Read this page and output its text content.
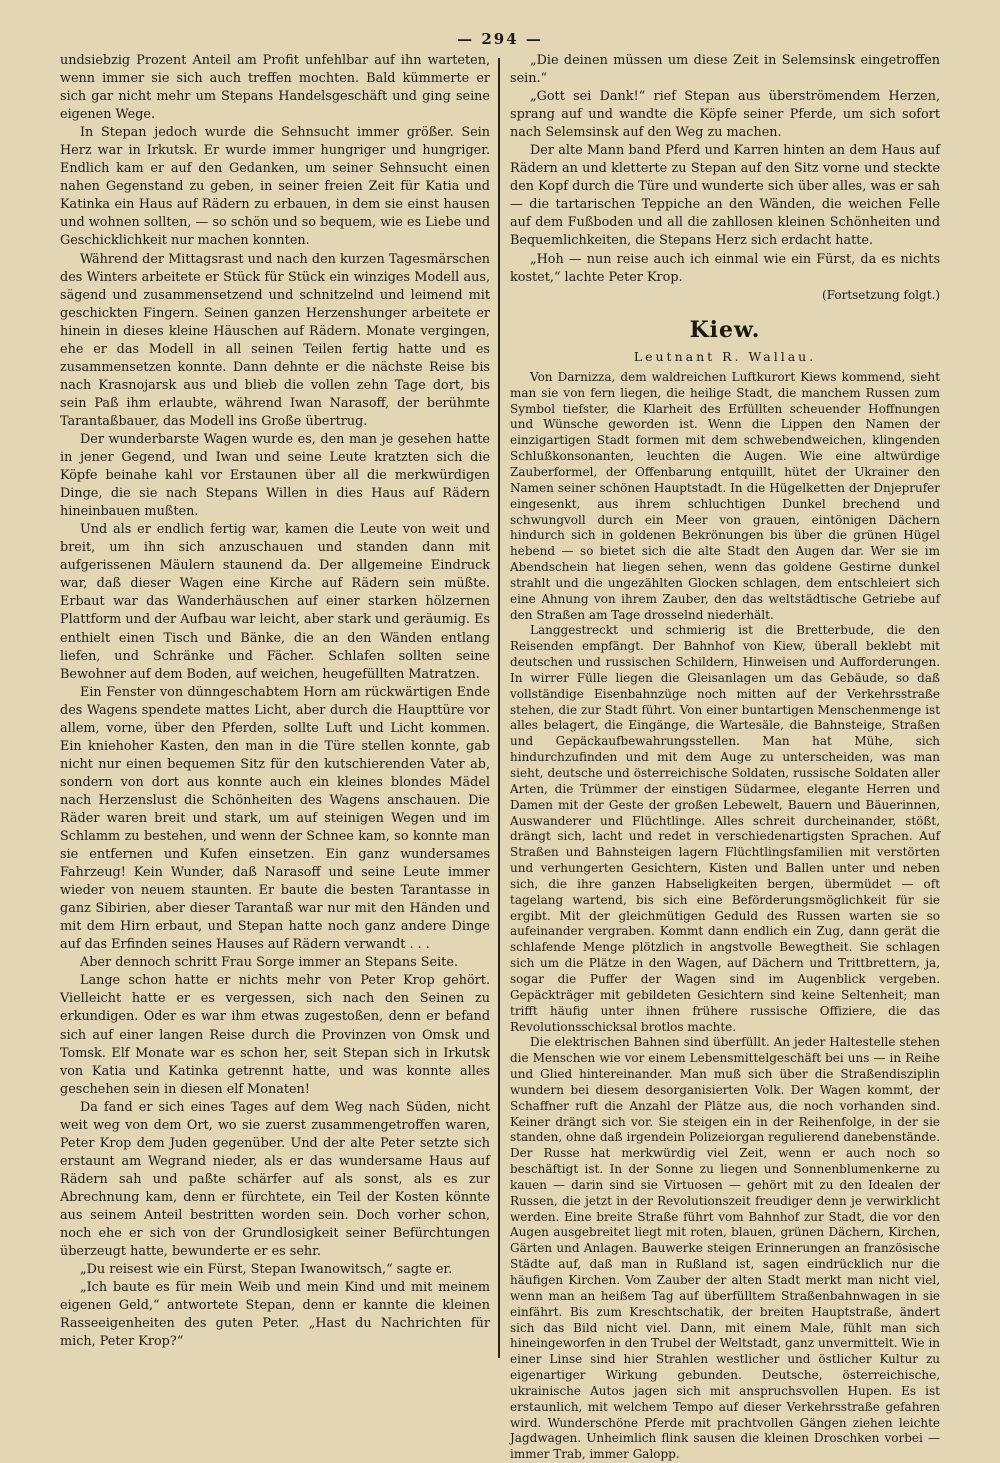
— 294 —

undsiebzig Prozent Anteil am Profit unfehlbar auf ihn warteten, wenn immer sie sich auch treffen mochten. Bald kümmerte er sich gar nicht mehr um Stepans Handelsgeschäft und ging seine eigenen Wege.

In Stepan jedoch wurde die Sehnsucht immer größer. Sein Herz war in Irkutsk. Er wurde immer hungriger und hungriger. Endlich kam er auf den Gedanken, um seiner Sehnsucht einen nahen Gegenstand zu geben, in seiner freien Zeit für Katia und Katinka ein Haus auf Rädern zu erbauen, in dem sie einst hausen und wohnen sollten, — so schön und so bequem, wie es Liebe und Geschicklichkeit nur machen konnten.

Während der Mittagsrast und nach den kurzen Tagesmärschen des Winters arbeitete er Stück für Stück ein winziges Modell aus, sägend und zusammensetzend und schnitzelnd und leimend mit geschickten Fingern. Seinen ganzen Herzenshunger arbeitete er hinein in dieses kleine Häuschen auf Rädern. Monate vergingen, ehe er das Modell in all seinen Teilen fertig hatte und es zusammensetzen konnte. Dann dehnte er die nächste Reise bis nach Krasnojarsk aus und blieb die vollen zehn Tage dort, bis sein Paß ihm erlaubte, während Iwan Narasoff, der berühmte Tarantaßbauer, das Modell ins Große übertrug.

Der wunderbarste Wagen wurde es, den man je gesehen hatte in jener Gegend, und Iwan und seine Leute kratzten sich die Köpfe beinahe kahl vor Erstaunen über all die merkwürdigen Dinge, die sie nach Stepans Willen in dies Haus auf Rädern hineinbauen mußten.

Und als er endlich fertig war, kamen die Leute von weit und breit, um ihn sich anzuschauen und standen dann mit aufgerissenen Mäulern staunend da. Der allgemeine Eindruck war, daß dieser Wagen eine Kirche auf Rädern sein müßte. Erbaut war das Wanderhäuschen auf einer starken hölzernen Plattform und der Aufbau war leicht, aber stark und geräumig. Es enthielt einen Tisch und Bänke, die an den Wänden entlang liefen, und Schränke und Fächer. Schlafen sollten seine Bewohner auf dem Boden, auf weichen, heugefüllten Matratzen.

Ein Fenster von dünngeschabtem Horn am rückwärtigen Ende des Wagens spendete mattes Licht, aber durch die Haupttüre vor allem, vorne, über den Pferden, sollte Luft und Licht kommen. Ein kniehoher Kasten, den man in die Türe stellen konnte, gab nicht nur einen bequemen Sitz für den kutschierenden Vater ab, sondern von dort aus konnte auch ein kleines blondes Mädel nach Herzenslust die Schönheiten des Wagens anschauen. Die Räder waren breit und stark, um auf steinigen Wegen und im Schlamm zu bestehen, und wenn der Schnee kam, so konnte man sie entfernen und Kufen einsetzen. Ein ganz wundersames Fahrzeug! Kein Wunder, daß Narasoff und seine Leute immer wieder von neuem staunten. Er baute die besten Tarantasse in ganz Sibirien, aber dieser Tarantaß war nur mit den Händen und mit dem Hirn erbaut, und Stepan hatte noch ganz andere Dinge auf das Erfinden seines Hauses auf Rädern verwandt . . .

Aber dennoch schritt Frau Sorge immer an Stepans Seite.

Lange schon hatte er nichts mehr von Peter Krop gehört. Vielleicht hatte er es vergessen, sich nach den Seinen zu erkundigen. Oder es war ihm etwas zugestoßen, denn er befand sich auf einer langen Reise durch die Provinzen von Omsk und Tomsk. Elf Monate war es schon her, seit Stepan sich in Irkutsk von Katia und Katinka getrennt hatte, und was konnte alles geschehen sein in diesen elf Monaten!

Da fand er sich eines Tages auf dem Weg nach Süden, nicht weit weg von dem Ort, wo sie zuerst zusammengetroffen waren, Peter Krop dem Juden gegenüber. Und der alte Peter setzte sich erstaunt am Wegrand nieder, als er das wundersame Haus auf Rädern sah und paßte schärfer auf als sonst, als es zur Abrechnung kam, denn er fürchtete, ein Teil der Kosten könnte aus seinem Anteil bestritten worden sein. Doch vorher schon, noch ehe er sich von der Grundlosigkeit seiner Befürchtungen überzeugt hatte, bewunderte er es sehr.

„Du reisest wie ein Fürst, Stepan Iwanowitsch,“ sagte er.

„Ich baute es für mein Weib und mein Kind und mit meinem eigenen Geld,“ antwortete Stepan, denn er kannte die kleinen Rasseeigenheiten des guten Peter. „Hast du Nachrichten für mich, Peter Krop?“

„Die deinen müssen um diese Zeit in Selemsinsk eingetroffen sein.“

„Gott sei Dank!“ rief Stepan aus überströmendem Herzen, sprang auf und wandte die Köpfe seiner Pferde, um sich sofort nach Selemsinsk auf den Weg zu machen.

Der alte Mann band Pferd und Karren hinten an dem Haus auf Rädern an und kletterte zu Stepan auf den Sitz vorne und steckte den Kopf durch die Türe und wunderte sich über alles, was er sah — die tartarischen Teppiche an den Wänden, die weichen Felle auf dem Fußboden und all die zahllosen kleinen Schönheiten und Bequemlichkeiten, die Stepans Herz sich erdacht hatte.

„Hoh — nun reise auch ich einmal wie ein Fürst, da es nichts kostet,“ lachte Peter Krop.

(Fortsetzung folgt.)

Kiew.
Leutnant R. Wallau.

Von Darnizza, dem waldreichen Luftkurort Kiews kommend, sieht man sie von fern liegen, die heilige Stadt, die manchem Russen zum Symbol tiefster, die Klarheit des Erfüllten scheuender Hoffnungen und Wünsche geworden ist. Wenn die Lippen den Namen der einzigartigen Stadt formen mit dem schwebendweichen, klingenden Schlußkonsonanten, leuchten die Augen. Wie eine altwürdige Zauberformel, der Offenbarung entquillt, hütet der Ukrainer den Namen seiner schönen Hauptstadt. In die Hügelketten der Dnjeprufer eingesenkt, aus ihrem schluchtigen Dunkel brechend und schwungvoll durch ein Meer von grauen, eintönigen Dächern hindurch sich in goldenen Bekrönungen bis über die grünen Hügel hebend — so bietet sich die alte Stadt den Augen dar. Wer sie im Abendschein hat liegen sehen, wenn das goldene Gestirne dunkel strahlt und die ungezählten Glocken schlagen, dem entschleiert sich eine Ahnung von ihrem Zauber, den das weltstädtische Getriebe auf den Straßen am Tage drosselnd niederhält.

Langgestreckt und schmierig ist die Bretterbude, die den Reisenden empfängt. Der Bahnhof von Kiew, überall beklebt mit deutschen und russischen Schildern, Hinweisen und Aufforderungen. In wirrer Fülle liegen die Gleisanlagen um das Gebäude, so daß vollständige Eisenbahnzüge noch mitten auf der Verkehrsstraße stehen, die zur Stadt führt. Von einer buntartigen Menschenmenge ist alles belagert, die Eingänge, die Wartesäle, die Bahnsteige, Straßen und Gepäckaufbewahrungsstellen. Man hat Mühe, sich hindurchzufinden und mit dem Auge zu unterscheiden, was man sieht, deutsche und österreichische Soldaten, russische Soldaten aller Arten, die Trümmer der einstigen Südarmee, elegante Herren und Damen mit der Geste der großen Lebewelt, Bauern und Bäuerinnen, Auswanderer und Flüchtlinge. Alles schreit durcheinander, stößt, drängt sich, lacht und redet in verschiedenartigsten Sprachen. Auf Straßen und Bahnsteigen lagern Flüchtlingsfamilien mit verstörten und verhungerten Gesichtern, Kisten und Ballen unter und neben sich, die ihre ganzen Habseligkeiten bergen, übermüdet — oft tagelang wartend, bis sich eine Beförderungsmöglichkeit für sie ergibt. Mit der gleichmütigen Geduld des Russen warten sie so aufeinander vergraben. Kommt dann endlich ein Zug, dann gerät die schlafende Menge plötzlich in angstvolle Bewegtheit. Sie schlagen sich um die Plätze in den Wagen, auf Dächern und Trittbrettern, ja, sogar die Puffer der Wagen sind im Augenblick vergeben. Gepäckträger mit gebildeten Gesichtern sind keine Seltenheit; man trifft häufig unter ihnen frühere russische Offiziere, die das Revolutionsschicksal brotlos machte.

Die elektrischen Bahnen sind überfüllt. An jeder Haltestelle stehen die Menschen wie vor einem Lebensmittelgeschäft bei uns — in Reihe und Glied hintereinander. Man muß sich über die Straßendisziplin wundern bei diesem desorganisierten Volk. Der Wagen kommt, der Schaffner ruft die Anzahl der Plätze aus, die noch vorhanden sind. Keiner drängt sich vor. Sie steigen ein in der Reihenfolge, in der sie standen, ohne daß irgendein Polizeiorgan regulierend danebenstände. Der Russe hat merkwürdig viel Zeit, wenn er auch noch so beschäftigt ist. In der Sonne zu liegen und Sonnenblumenkerne zu kauen — darin sind sie Virtuosen — gehört mit zu den Idealen der Russen, die jetzt in der Revolutionszeit freudiger denn je verwirklicht werden. Eine breite Straße führt vom Bahnhof zur Stadt, die vor den Augen ausgebreitet liegt mit roten, blauen, grünen Dächern, Kirchen, Gärten und Anlagen. Bauwerke steigen Erinnerungen an französische Städte auf, daß man in Rußland ist, sagen eindrücklich nur die häufigen Kirchen. Vom Zauber der alten Stadt merkt man nicht viel, wenn man an heißem Tag auf überfülltem Straßenbahnwagen in sie einfährt. Bis zum Kreschtschatik, der breiten Hauptstraße, ändert sich das Bild nicht viel. Dann, mit einem Male, fühlt man sich hineingeworfen in den Trubel der Weltstadt, ganz unvermittelt. Wie in einer Linse sind hier Strahlen westlicher und östlicher Kultur zu eigenartiger Wirkung gebunden. Deutsche, österreichische, ukrainische Autos jagen sich mit anspruchsvollen Hupen. Es ist erstaunlich, mit welchem Tempo auf dieser Verkehrsstraße gefahren wird. Wunderschöne Pferde mit prachtvollen Gängen ziehen leichte Jagdwagen. Unheimlich flink sausen die kleinen Droschken vorbei — immer Trab, immer Galopp.
